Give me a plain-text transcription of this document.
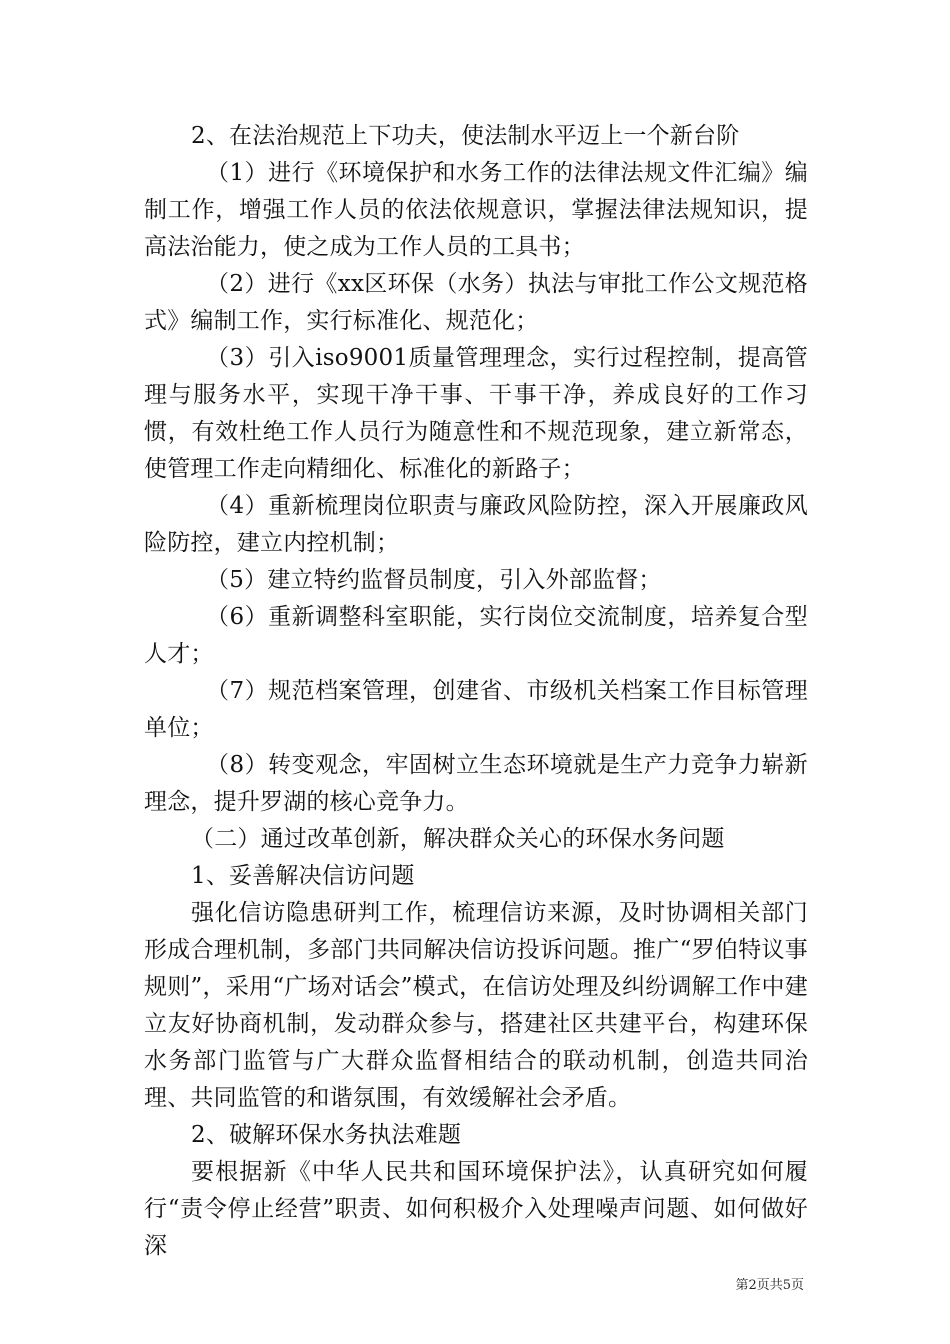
2、在法治规范上下功夫，使法制水平迈上一个新台阶

（1）进行《环境保护和水务工作的法律法规文件汇编》编制工作，增强工作人员的依法依规意识，掌握法律法规知识，提高法治能力，使之成为工作人员的工具书；

（2）进行《xx区环保（水务）执法与审批工作公文规范格式》编制工作，实行标准化、规范化；

（3）引入iso9001质量管理理念，实行过程控制，提高管理与服务水平，实现干净干事、干事干净，养成良好的工作习惯，有效杜绝工作人员行为随意性和不规范现象，建立新常态，使管理工作走向精细化、标准化的新路子；

（4）重新梳理岗位职责与廉政风险防控，深入开展廉政风险防控，建立内控机制；

（5）建立特约监督员制度，引入外部监督；

（6）重新调整科室职能，实行岗位交流制度，培养复合型人才；

（7）规范档案管理，创建省、市级机关档案工作目标管理单位；

（8）转变观念，牢固树立生态环境就是生产力竞争力崭新理念，提升罗湖的核心竞争力。

（二）通过改革创新，解决群众关心的环保水务问题

1、妥善解决信访问题

强化信访隐患研判工作，梳理信访来源，及时协调相关部门形成合理机制，多部门共同解决信访投诉问题。推广“罗伯特议事规则”，采用“广场对话会”模式，在信访处理及纠纷调解工作中建立友好协商机制，发动群众参与，搭建社区共建平台，构建环保水务部门监管与广大群众监督相结合的联动机制，创造共同治理、共同监管的和谐氛围，有效缓解社会矛盾。

2、破解环保水务执法难题

要根据新《中华人民共和国环境保护法》，认真研究如何履行“责令停止经营”职责、如何积极介入处理噪声问题、如何做好深

第2页共5页
